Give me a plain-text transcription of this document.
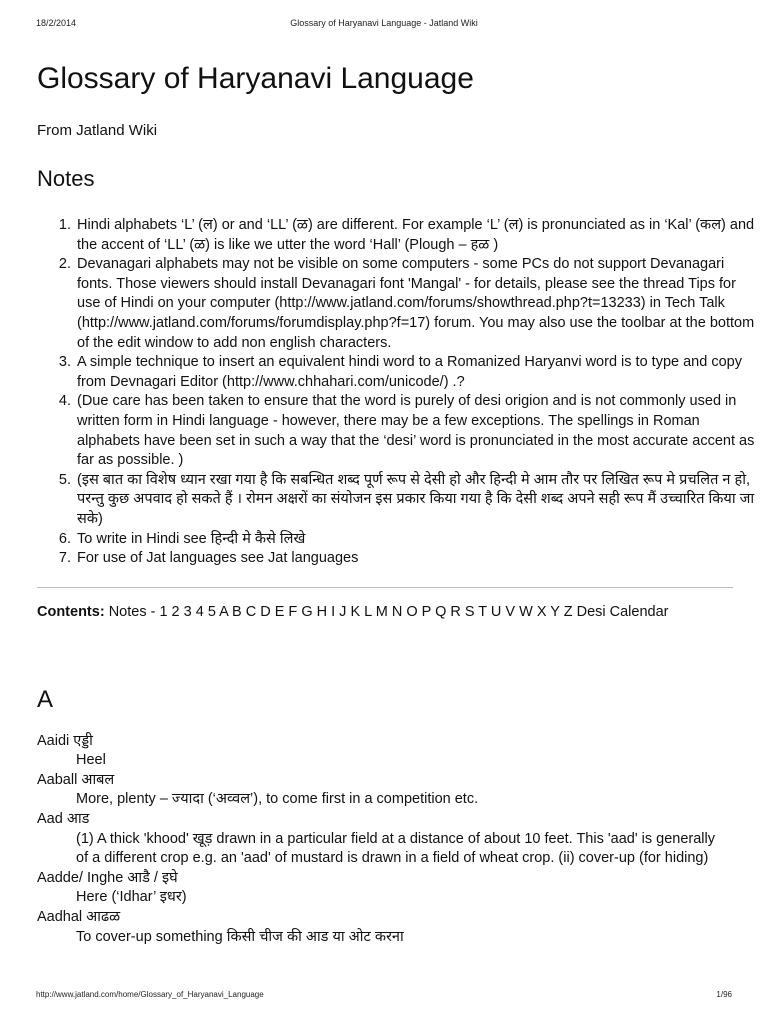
18/2/2014	Glossary of Haryanavi Language - Jatland Wiki
Glossary of Haryanavi Language
From Jatland Wiki
Notes
1. Hindi alphabets ‘L’ (ल) or and ‘LL’ (ळ) are different. For example ‘L’ (ल) is pronunciated as in ‘Kal’ (कल) and the accent of ‘LL’ (ळ) is like we utter the word ‘Hall’ (Plough – हळ )
2. Devanagari alphabets may not be visible on some computers - some PCs do not support Devanagari fonts. Those viewers should install Devanagari font 'Mangal' - for details, please see the thread Tips for use of Hindi on your computer (http://www.jatland.com/forums/showthread.php?t=13233) in Tech Talk (http://www.jatland.com/forums/forumdisplay.php?f=17) forum. You may also use the toolbar at the bottom of the edit window to add non english characters.
3. A simple technique to insert an equivalent hindi word to a Romanized Haryanvi word is to type and copy from Devnagari Editor (http://www.chhahari.com/unicode/) .?
4. (Due care has been taken to ensure that the word is purely of desi origion and is not commonly used in written form in Hindi language - however, there may be a few exceptions. The spellings in Roman alphabets have been set in such a way that the ‘desi’ word is pronunciated in the most accurate accent as far as possible. )
5. (इस बात का विशेष ध्यान रखा गया है कि सबन्धित शब्द पूर्ण रूप से देसी हो और हिन्दी मे आम तौर पर लिखित रूप मे प्रचलित न हो, परन्तु कुछ अपवाद हो सकते हैं । रोमन अक्षरों का संयोजन इस प्रकार किया गया है कि देसी शब्द अपने सही रूप मैं उच्चारित किया जा सके)
6. To write in Hindi see हिन्दी मे कैसे लिखे
7. For use of Jat languages see Jat languages
Contents: Notes - 1 2 3 4 5 A B C D E F G H I J K L M N O P Q R S T U V W X Y Z Desi Calendar
A
Aaidi एड्डी
Heel
Aaball आबल
More, plenty – ज्यादा (‘अव्वल’), to come first in a competition etc.
Aad आड
(1) A thick 'khood' खूड़ drawn in a particular field at a distance of about 10 feet. This 'aad' is generally of a different crop e.g. an 'aad' of mustard is drawn in a field of wheat crop. (ii) cover-up (for hiding)
Aadde/ Inghe आडै / इघे
Here (‘Idhar’ इधर)
Aadhal आढळ
To cover-up something किसी चीज की आड या ओट करना
http://www.jatland.com/home/Glossary_of_Haryanavi_Language	1/96
